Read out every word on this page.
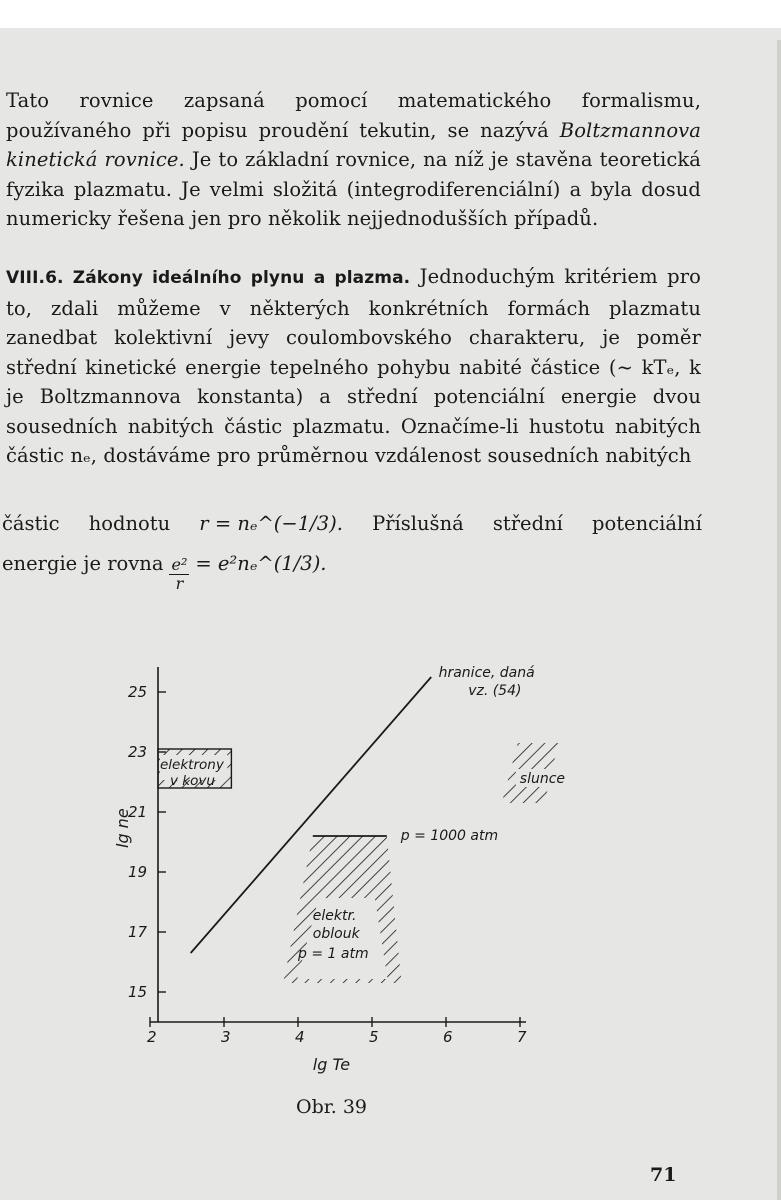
Tato rovnice zapsaná pomocí matematického formalismu, používaného při popisu proudění tekutin, se nazývá Boltzmannova kinetická rovnice. Je to základní rovnice, na níž je stavěna teoretická fyzika plazmatu. Je velmi složitá (integrodiferenciální) a byla dosud numericky řešena jen pro několik nejjednodušších případů.
VIII.6. Zákony ideálního plynu a plazma. Jednoduchým kritériem pro to, zdali můžeme v některých konkrétních formách plazmatu zanedbat kolektivní jevy coulombovského charakteru, je poměr střední kinetické energie tepelného pohybu nabité částice (~ kTₑ, k je Boltzmannova konstanta) a střední potenciální energie dvou sousedních nabitých částic plazmatu. Označíme-li hustotu nabitých částic nₑ, dostáváme pro průměrnou vzdálenost sousedních nabitých
částic hodnotu r = nₑ^(−1/3). Příslušná střední potenciální
energie je rovna $\frac{\text{e²}}{r}$ = e²nₑ^(1/3).
2	3	4	5	6	7
15
17
19
21
23
25
lg Te
lg ne
hranice, daná
vz. (54)
elektrony
v kovu	slunce
elektr.
oblouk
p = 1 atm
p = 1000 atm
Obr. 39
71
